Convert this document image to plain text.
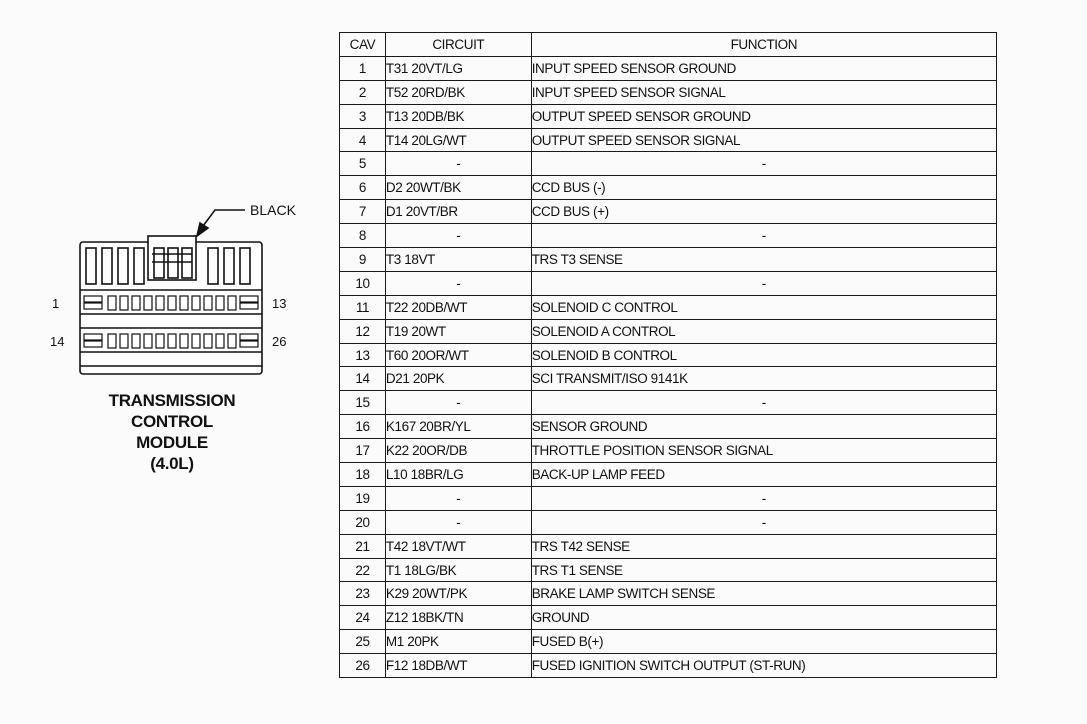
BLACK
1	13
14	26
TRANSMISSION
CONTROL
MODULE
(4.0L)
CAV	CIRCUIT	FUNCTION
1	T31 20VT/LG	INPUT SPEED SENSOR GROUND
2	T52 20RD/BK	INPUT SPEED SENSOR SIGNAL
3	T13 20DB/BK	OUTPUT SPEED SENSOR GROUND
4	T14 20LG/WT	OUTPUT SPEED SENSOR SIGNAL
5	-	-
6	D2 20WT/BK	CCD BUS (-)
7	D1 20VT/BR	CCD BUS (+)
8	-	-
9	T3 18VT	TRS T3 SENSE
10	-	-
11	T22 20DB/WT	SOLENOID C CONTROL
12	T19 20WT	SOLENOID A CONTROL
13	T60 20OR/WT	SOLENOID B CONTROL
14	D21 20PK	SCI TRANSMIT/ISO 9141K
15	-	-
16	K167 20BR/YL	SENSOR GROUND
17	K22 20OR/DB	THROTTLE POSITION SENSOR SIGNAL
18	L10 18BR/LG	BACK-UP LAMP FEED
19	-	-
20	-	-
21	T42 18VT/WT	TRS T42 SENSE
22	T1 18LG/BK	TRS T1 SENSE
23	K29 20WT/PK	BRAKE LAMP SWITCH SENSE
24	Z12 18BK/TN	GROUND
25	M1 20PK	FUSED B(+)
26	F12 18DB/WT	FUSED IGNITION SWITCH OUTPUT (ST-RUN)
